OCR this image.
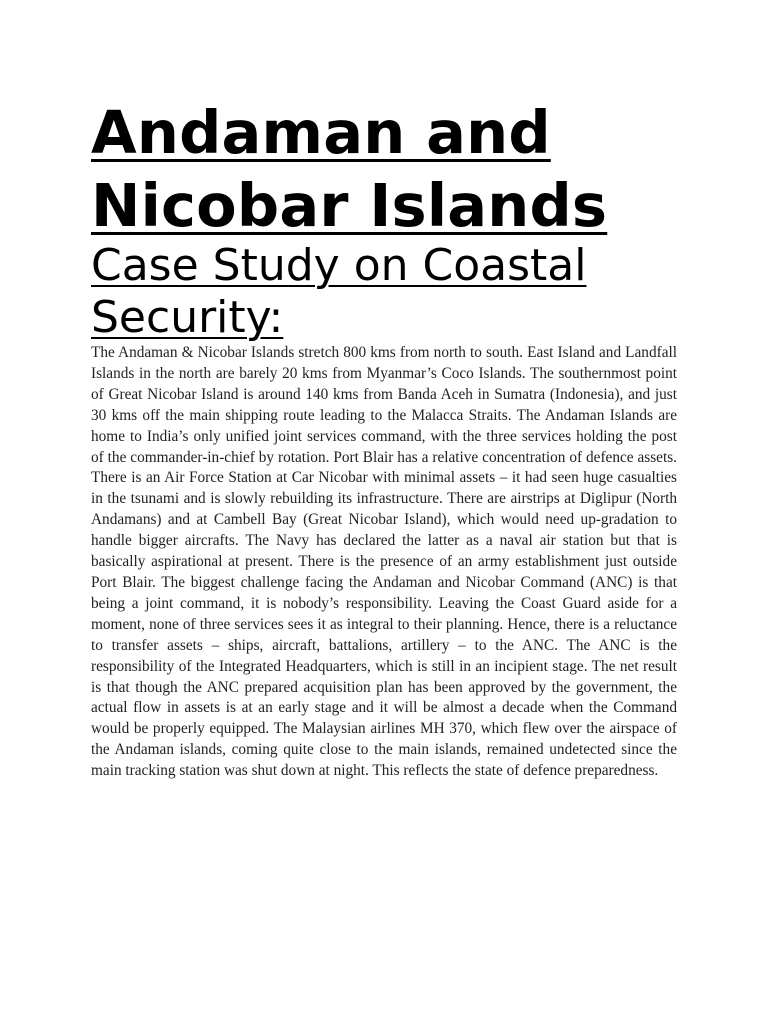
Andaman and Nicobar Islands
Case Study on Coastal Security:

The Andaman & Nicobar Islands stretch 800 kms from north to south. East Island and Landfall Islands in the north are barely 20 kms from Myanmar’s Coco Islands. The southernmost point of Great Nicobar Island is around 140 kms from Banda Aceh in Sumatra (Indonesia), and just 30 kms off the main shipping route leading to the Malacca Straits. The Andaman Islands are home to India’s only unified joint services command, with the three services holding the post of the commander-in-chief by rotation. Port Blair has a relative concentration of defence assets. There is an Air Force Station at Car Nicobar with minimal assets – it had seen huge casualties in the tsunami and is slowly rebuilding its infrastructure. There are airstrips at Diglipur (North Andamans) and at Cambell Bay (Great Nicobar Island), which would need up-gradation to handle bigger aircrafts. The Navy has declared the latter as a naval air station but that is basically aspirational at present. There is the presence of an army establishment just outside Port Blair. The biggest challenge facing the Andaman and Nicobar Command (ANC) is that being a joint command, it is nobody’s responsibility. Leaving the Coast Guard aside for a moment, none of three services sees it as integral to their planning. Hence, there is a reluctance to transfer assets – ships, aircraft, battalions, artillery – to the ANC. The ANC is the responsibility of the Integrated Headquarters, which is still in an incipient stage. The net result is that though the ANC prepared acquisition plan has been approved by the government, the actual flow in assets is at an early stage and it will be almost a decade when the Command would be properly equipped. The Malaysian airlines MH 370, which flew over the airspace of the Andaman islands, coming quite close to the main islands, remained undetected since the main tracking station was shut down at night. This reflects the state of defence preparedness.
